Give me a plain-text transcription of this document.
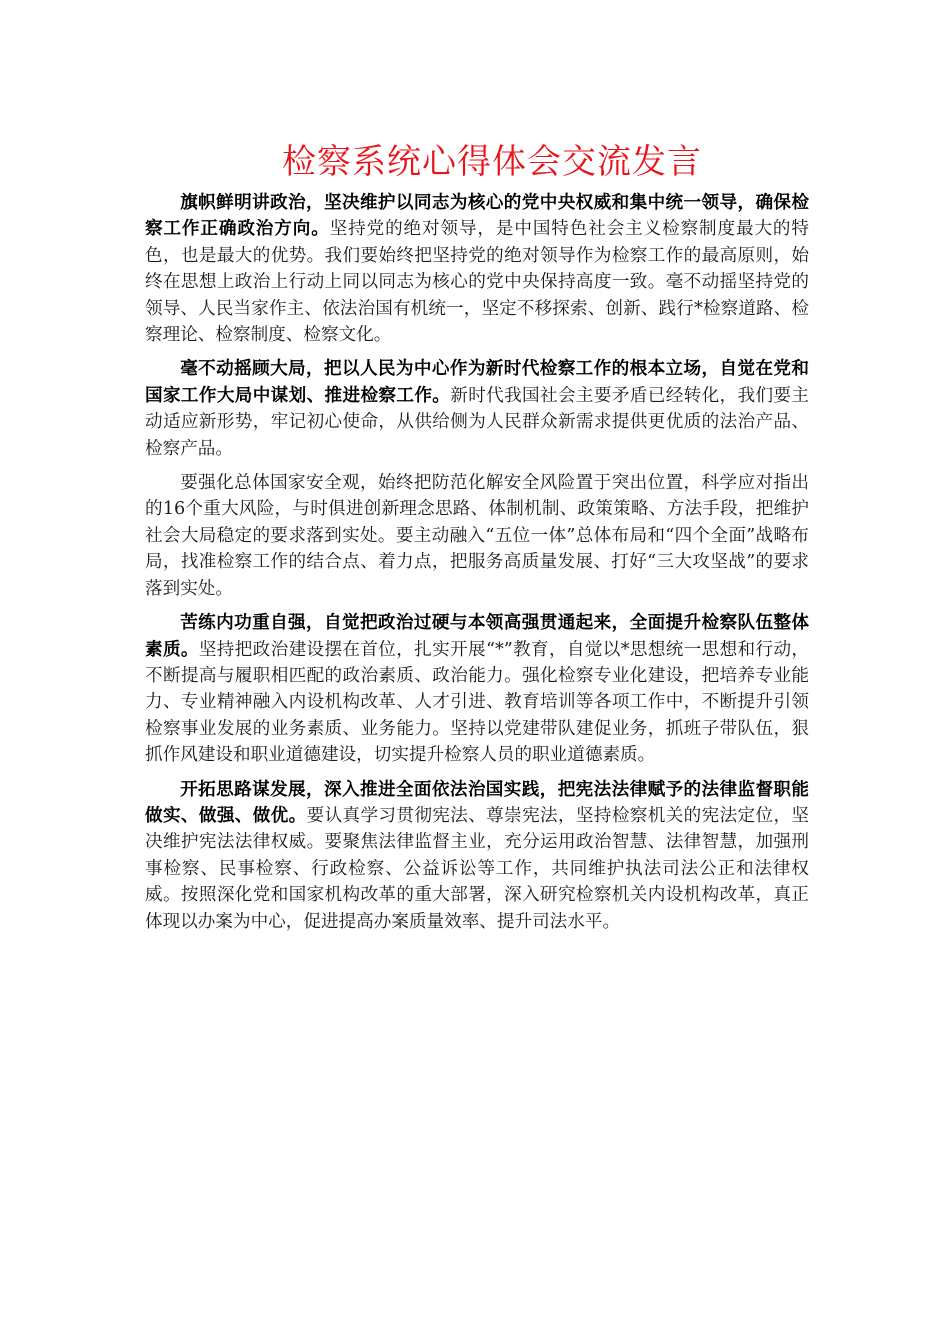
检察系统心得体会交流发言

旗帜鲜明讲政治，坚决维护以同志为核心的党中央权威和集中统一领导，确保检察工作正确政治方向。坚持党的绝对领导，是中国特色社会主义检察制度最大的特色，也是最大的优势。我们要始终把坚持党的绝对领导作为检察工作的最高原则，始终在思想上政治上行动上同以同志为核心的党中央保持高度一致。毫不动摇坚持党的领导、人民当家作主、依法治国有机统一，坚定不移探索、创新、践行*检察道路、检察理论、检察制度、检察文化。

毫不动摇顾大局，把以人民为中心作为新时代检察工作的根本立场，自觉在党和国家工作大局中谋划、推进检察工作。新时代我国社会主要矛盾已经转化，我们要主动适应新形势，牢记初心使命，从供给侧为人民群众新需求提供更优质的法治产品、检察产品。

要强化总体国家安全观，始终把防范化解安全风险置于突出位置，科学应对指出的16个重大风险，与时俱进创新理念思路、体制机制、政策策略、方法手段，把维护社会大局稳定的要求落到实处。要主动融入“五位一体”总体布局和“四个全面”战略布局，找准检察工作的结合点、着力点，把服务高质量发展、打好“三大攻坚战”的要求落到实处。

苦练内功重自强，自觉把政治过硬与本领高强贯通起来，全面提升检察队伍整体素质。坚持把政治建设摆在首位，扎实开展“*”教育，自觉以*思想统一思想和行动，不断提高与履职相匹配的政治素质、政治能力。强化检察专业化建设，把培养专业能力、专业精神融入内设机构改革、人才引进、教育培训等各项工作中，不断提升引领检察事业发展的业务素质、业务能力。坚持以党建带队建促业务，抓班子带队伍，狠抓作风建设和职业道德建设，切实提升检察人员的职业道德素质。

开拓思路谋发展，深入推进全面依法治国实践，把宪法法律赋予的法律监督职能做实、做强、做优。要认真学习贯彻宪法、尊崇宪法，坚持检察机关的宪法定位，坚决维护宪法法律权威。要聚焦法律监督主业，充分运用政治智慧、法律智慧，加强刑事检察、民事检察、行政检察、公益诉讼等工作，共同维护执法司法公正和法律权威。按照深化党和国家机构改革的重大部署，深入研究检察机关内设机构改革，真正体现以办案为中心，促进提高办案质量效率、提升司法水平。
